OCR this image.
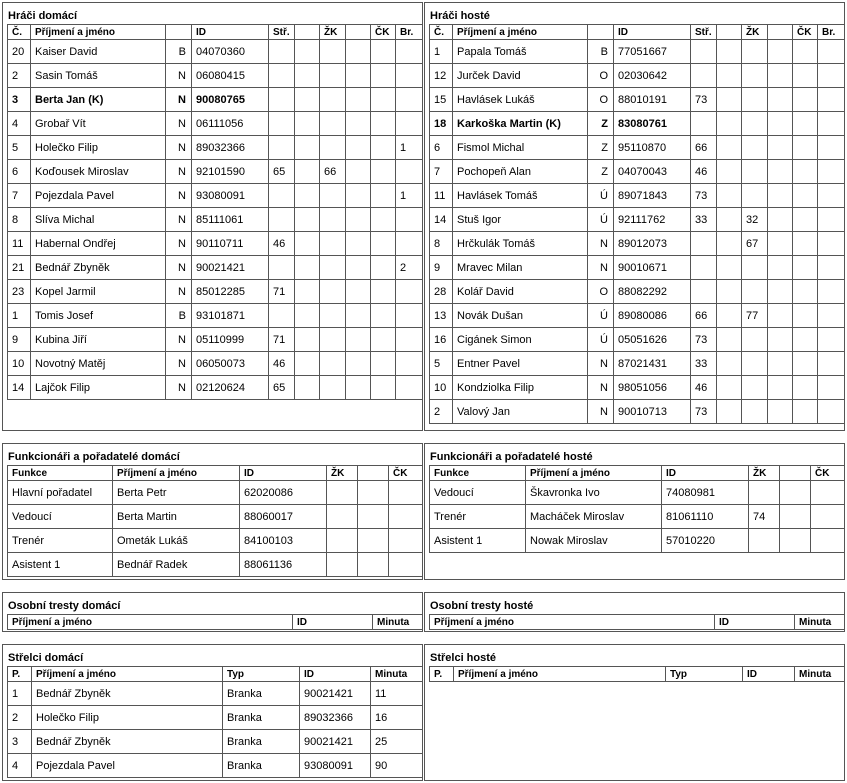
Hráči domácí
Č.	Příjmení a jméno		ID	Stř.		ŽK		ČK	Br.
20	Kaiser David	B	04070360						
2	Sasin Tomáš	N	06080415						
3	Berta Jan (K)	N	90080765						
4	Grobař Vít	N	06111056						
5	Holečko Filip	N	89032366						1
6	Koďousek Miroslav	N	92101590	65		66			
7	Pojezdala Pavel	N	93080091						1
8	Slíva Michal	N	85111061						
11	Habernal Ondřej	N	90110711	46					
21	Bednář Zbyněk	N	90021421						2
23	Kopel Jarmil	N	85012285	71					
1	Tomis Josef	B	93101871						
9	Kubina Jiří	N	05110999	71					
10	Novotný Matěj	N	06050073	46					
14	Lajčok Filip	N	02120624	65					
Hráči hosté
Č.	Příjmení a jméno		ID	Stř.		ŽK		ČK	Br.
1	Papala Tomáš	B	77051667						
12	Jurček David	O	02030642						
15	Havlásek Lukáš	O	88010191	73					
18	Karkoška Martin (K)	Z	83080761						
6	Fismol Michal	Z	95110870	66					
7	Pochopeň Alan	Z	04070043	46					
11	Havlásek Tomáš	Ú	89071843	73					
14	Stuš Igor	Ú	92111762	33		32			
8	Hrčkulák Tomáš	N	89012073			67			
9	Mravec Milan	N	90010671						
28	Kolář David	O	88082292						
13	Novák Dušan	Ú	89080086	66		77			
16	Cigánek Simon	Ú	05051626	73					
5	Entner Pavel	N	87021431	33					
10	Kondziolka Filip	N	98051056	46					
2	Valový Jan	N	90010713	73					
Funkcionáři a pořadatelé domácí
Funkce	Příjmení a jméno	ID	ŽK		ČK
Hlavní pořadatel	Berta Petr	62020086			
Vedoucí	Berta Martin	88060017			
Trenér	Ometák Lukáš	84100103			
Asistent 1	Bednář Radek	88061136			
Funkcionáři a pořadatelé hosté
Funkce	Příjmení a jméno	ID	ŽK		ČK
Vedoucí	Škavronka Ivo	74080981			
Trenér	Macháček Miroslav	81061110	74		
Asistent 1	Nowak Miroslav	57010220			
Osobní tresty domácí
Příjmení a jméno	ID	Minuta
Osobní tresty hosté
Příjmení a jméno	ID	Minuta
Střelci domácí
P.	Příjmení a jméno	Typ	ID	Minuta
1	Bednář Zbyněk	Branka	90021421	11
2	Holečko Filip	Branka	89032366	16
3	Bednář Zbyněk	Branka	90021421	25
4	Pojezdala Pavel	Branka	93080091	90
Střelci hosté
P.	Příjmení a jméno	Typ	ID	Minuta
